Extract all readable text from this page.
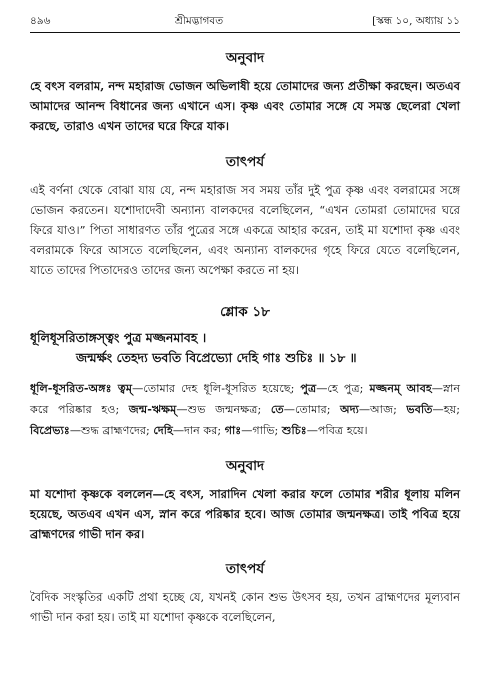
৪৯৬	শ্রীমদ্ভাগবত	[স্কন্ধ ১০, অধ্যায় ১১
অনুবাদ

হে বৎস বলরাম, নন্দ মহারাজ ভোজন অভিলাষী হয়ে তোমাদের জন্য প্রতীক্ষা করছেন। অতএব আমাদের আনন্দ বিধানের জন্য এখানে এস। কৃষ্ণ এবং তোমার সঙ্গে যে সমস্ত ছেলেরা খেলা করছে, তারাও এখন তাদের ঘরে ফিরে যাক।

তাৎপর্য

এই বর্ণনা থেকে বোঝা যায় যে, নন্দ মহারাজ সব সময় তাঁর দুই পুত্র কৃষ্ণ এবং বলরামের সঙ্গে ভোজন করতেন। যশোদাদেবী অন্যান্য বালকদের বলেছিলেন, “এখন তোমরা তোমাদের ঘরে ফিরে যাও।” পিতা সাধারণত তাঁর পুত্রের সঙ্গে একত্রে আহার করেন, তাই মা যশোদা কৃষ্ণ এবং বলরামকে ফিরে আসতে বলেছিলেন, এবং অন্যান্য বালকদের গৃহে ফিরে যেতে বলেছিলেন, যাতে তাদের পিতাদেরও তাদের জন্য অপেক্ষা করতে না হয়।

শ্লোক ১৮

ধূলিধূসরিতাঙ্গস্ত্বং পুত্র মজ্জনমাবহ ।

জন্মর্ক্ষং তেহদ্য ভবতি বিপ্রেভ্যো দেহি গাঃ শুচিঃ ॥ ১৮ ॥

ধূলি-ধূসরিত-অঙ্গঃ ত্বম্—তোমার দেহ ধূলি-ধূসরিত হয়েছে; পুত্র—হে পুত্র; মজ্জনম্ আবহ—স্নান করে পরিষ্কার হও; জন্ম-ঋক্ষম্—শুভ জন্মনক্ষত্র; তে—তোমার; অদ্য—আজ; ভবতি—হয়; বিপ্রেভ্যঃ—শুদ্ধ ব্রাহ্মণদের; দেহি—দান কর; গাঃ—গাভি; শুচিঃ—পবিত্র হয়ে।

অনুবাদ

মা যশোদা কৃষ্ণকে বললেন—হে বৎস, সারাদিন খেলা করার ফলে তোমার শরীর ধূলায় মলিন হয়েছে, অতএব এখন এস, স্নান করে পরিষ্কার হবে। আজ তোমার জন্মনক্ষত্র। তাই পবিত্র হয়ে ব্রাহ্মণদের গাভী দান কর।

তাৎপর্য

বৈদিক সংস্কৃতির একটি প্রথা হচ্ছে যে, যখনই কোন শুভ উৎসব হয়, তখন ব্রাহ্মণদের মূল্যবান গাভী দান করা হয়। তাই মা যশোদা কৃষ্ণকে বলেছিলেন,
